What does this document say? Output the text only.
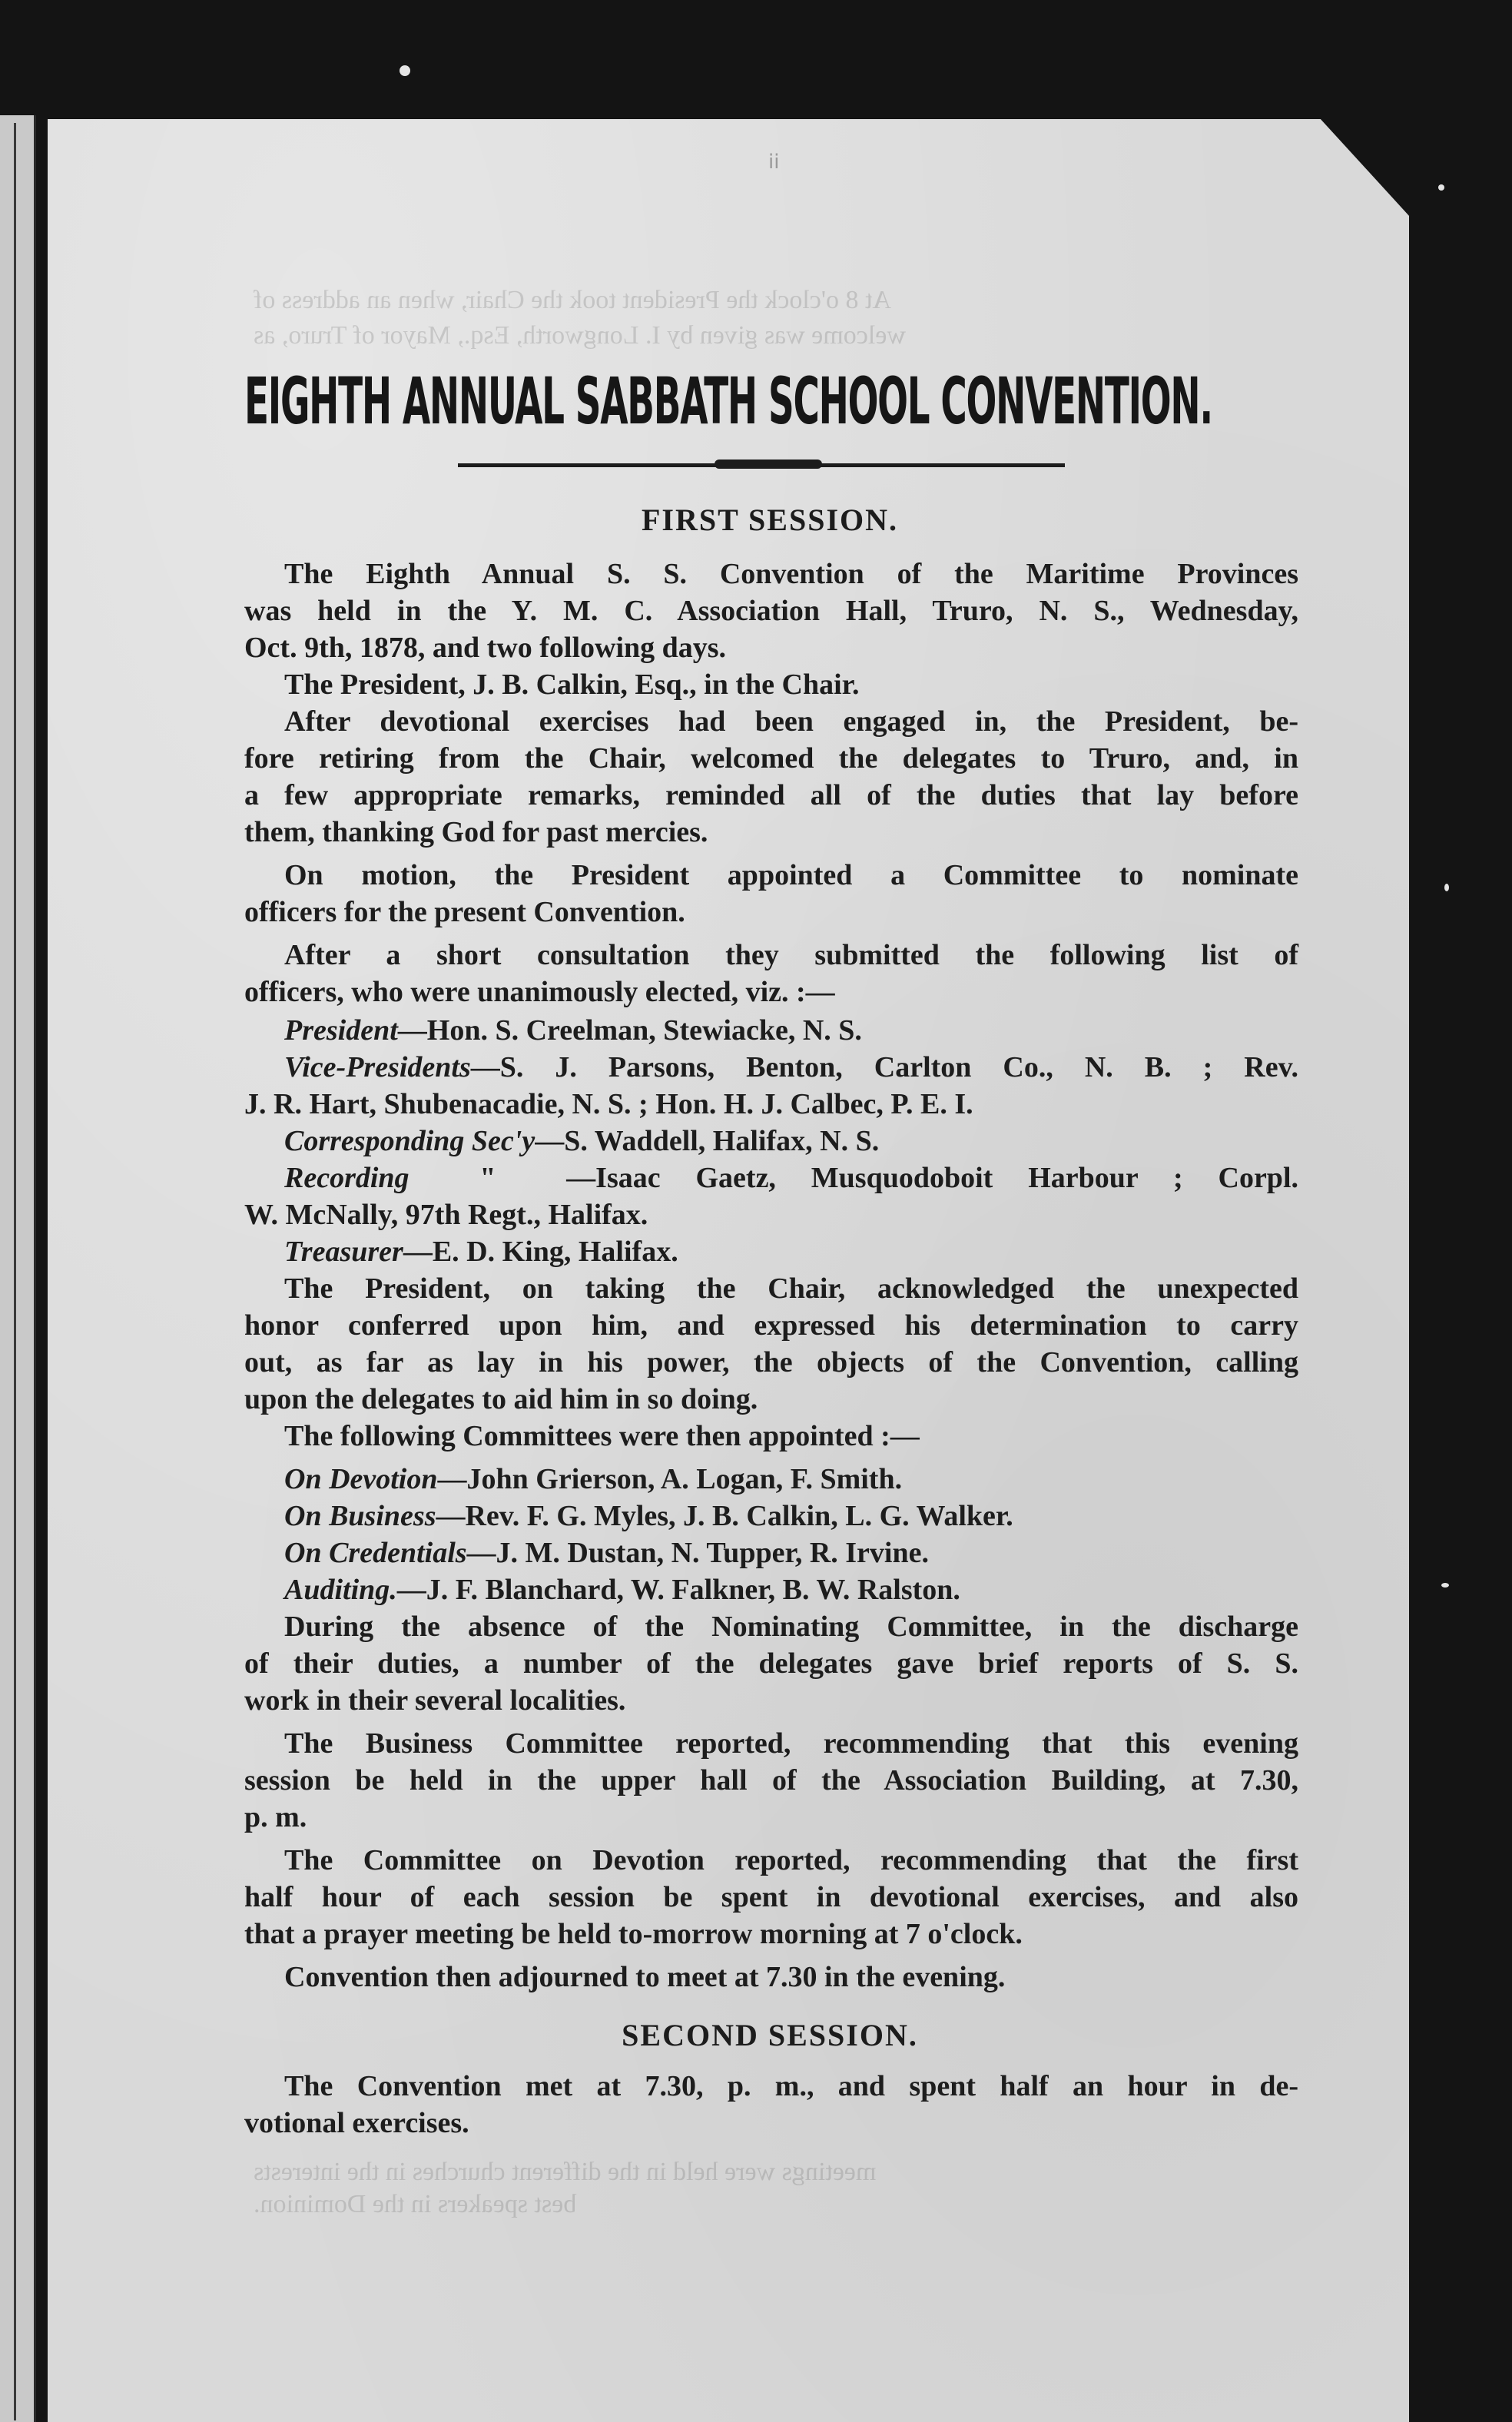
ii
At 8 o'clock the President took the Chair, when an address of
welcome was given by I. Longworth, Esq., Mayor of Truro, as
EIGHTH ANNUAL SABBATH SCHOOL CONVENTION.
FIRST SESSION.
The Eighth Annual S. S. Convention of the Maritime Provinces
was held in the Y. M. C. Association Hall, Truro, N. S., Wednesday,
Oct. 9th, 1878, and two following days.
The President, J. B. Calkin, Esq., in the Chair.
After devotional exercises had been engaged in, the President, be-
fore retiring from the Chair, welcomed the delegates to Truro, and, in
a few appropriate remarks, reminded all of the duties that lay before
them, thanking God for past mercies.
On motion, the President appointed a Committee to nominate
officers for the present Convention.
After a short consultation they submitted the following list of
officers, who were unanimously elected, viz. :—
President—Hon. S. Creelman, Stewiacke, N. S.
Vice-Presidents—S. J. Parsons, Benton, Carlton Co., N. B. ; Rev.
J. R. Hart, Shubenacadie, N. S. ; Hon. H. J. Calbec, P. E. I.
Corresponding Sec'y—S. Waddell, Halifax, N. S.
Recording  "  —Isaac Gaetz, Musquodoboit Harbour ; Corpl.
W. McNally, 97th Regt., Halifax.
Treasurer—E. D. King, Halifax.
The President, on taking the Chair, acknowledged the unexpected
honor conferred upon him, and expressed his determination to carry
out, as far as lay in his power, the objects of the Convention, calling
upon the delegates to aid him in so doing.
The following Committees were then appointed :—
On Devotion—John Grierson, A. Logan, F. Smith.
On Business—Rev. F. G. Myles, J. B. Calkin, L. G. Walker.
On Credentials—J. M. Dustan, N. Tupper, R. Irvine.
Auditing.—J. F. Blanchard, W. Falkner, B. W. Ralston.
During the absence of the Nominating Committee, in the discharge
of their duties, a number of the delegates gave brief reports of S. S.
work in their several localities.
The Business Committee reported, recommending that this evening
session be held in the upper hall of the Association Building, at 7.30,
p. m.
The Committee on Devotion reported, recommending that the first
half hour of each session be spent in devotional exercises, and also
that a prayer meeting be held to-morrow morning at 7 o'clock.
Convention then adjourned to meet at 7.30 in the evening.
SECOND SESSION.
The Convention met at 7.30, p. m., and spent half an hour in de-
votional exercises.
meetings were held in the different churches in the interests
best speakers in the Dominion.
